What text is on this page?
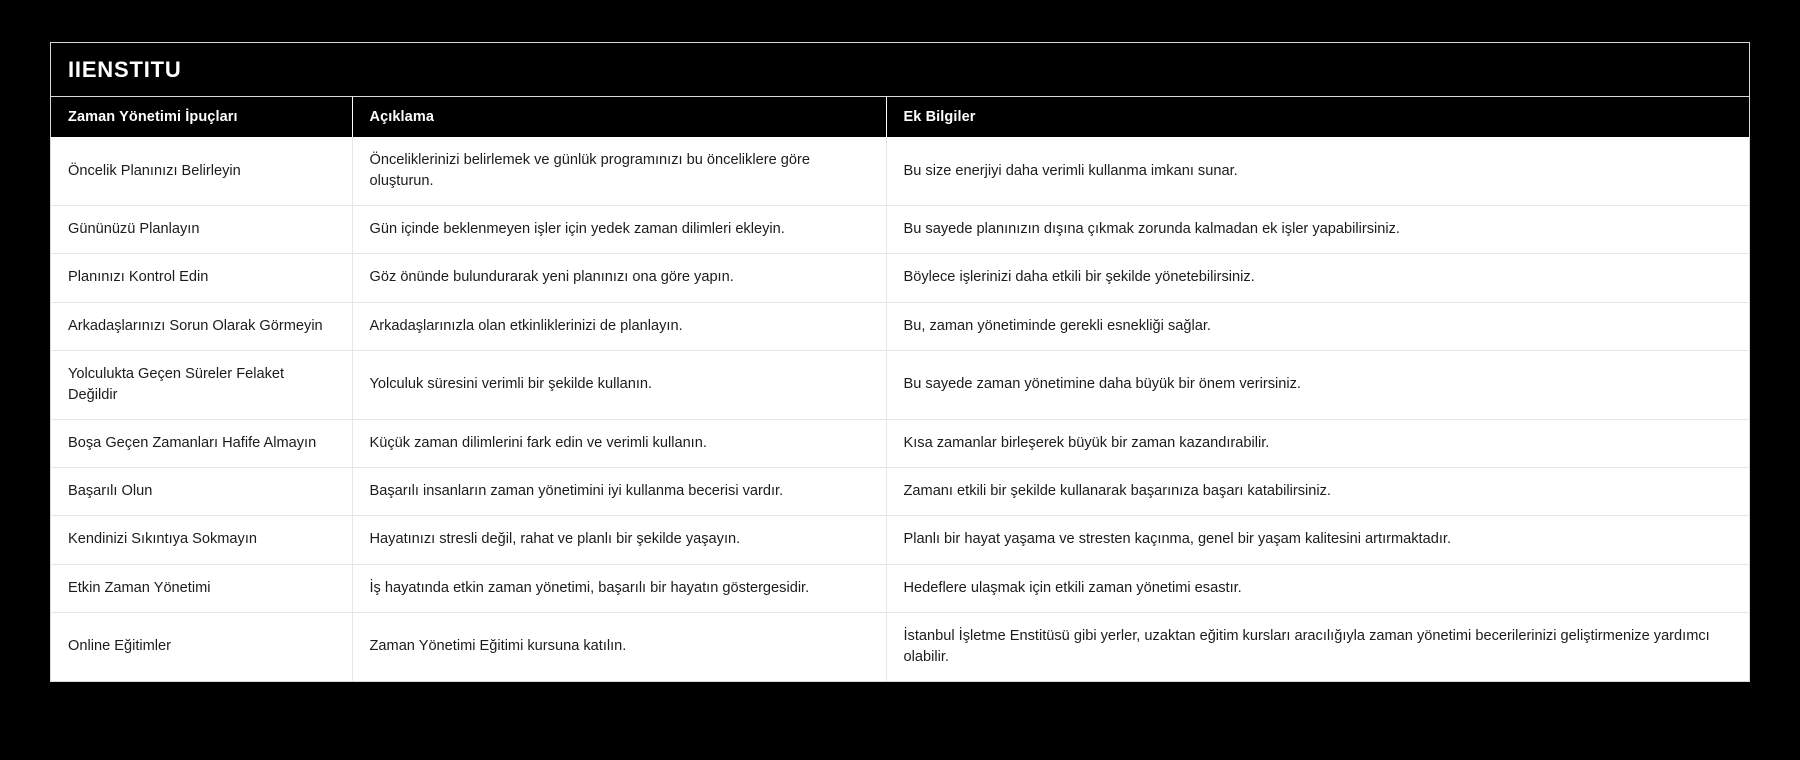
IIENSTITU
Zaman Yönetimi İpuçları	Açıklama	Ek Bilgiler
Öncelik Planınızı Belirleyin	Önceliklerinizi belirlemek ve günlük programınızı bu önceliklere göre oluşturun.	Bu size enerjiyi daha verimli kullanma imkanı sunar.
Gününüzü Planlayın	Gün içinde beklenmeyen işler için yedek zaman dilimleri ekleyin.	Bu sayede planınızın dışına çıkmak zorunda kalmadan ek işler yapabilirsiniz.
Planınızı Kontrol Edin	Göz önünde bulundurarak yeni planınızı ona göre yapın.	Böylece işlerinizi daha etkili bir şekilde yönetebilirsiniz.
Arkadaşlarınızı Sorun Olarak Görmeyin	Arkadaşlarınızla olan etkinliklerinizi de planlayın.	Bu, zaman yönetiminde gerekli esnekliği sağlar.
Yolculukta Geçen Süreler Felaket Değildir	Yolculuk süresini verimli bir şekilde kullanın.	Bu sayede zaman yönetimine daha büyük bir önem verirsiniz.
Boşa Geçen Zamanları Hafife Almayın	Küçük zaman dilimlerini fark edin ve verimli kullanın.	Kısa zamanlar birleşerek büyük bir zaman kazandırabilir.
Başarılı Olun	Başarılı insanların zaman yönetimini iyi kullanma becerisi vardır.	Zamanı etkili bir şekilde kullanarak başarınıza başarı katabilirsiniz.
Kendinizi Sıkıntıya Sokmayın	Hayatınızı stresli değil, rahat ve planlı bir şekilde yaşayın.	Planlı bir hayat yaşama ve stresten kaçınma, genel bir yaşam kalitesini artırmaktadır.
Etkin Zaman Yönetimi	İş hayatında etkin zaman yönetimi, başarılı bir hayatın göstergesidir.	Hedeflere ulaşmak için etkili zaman yönetimi esastır.
Online Eğitimler	Zaman Yönetimi Eğitimi kursuna katılın.	İstanbul İşletme Enstitüsü gibi yerler, uzaktan eğitim kursları aracılığıyla zaman yönetimi becerilerinizi geliştirmenize yardımcı olabilir.
